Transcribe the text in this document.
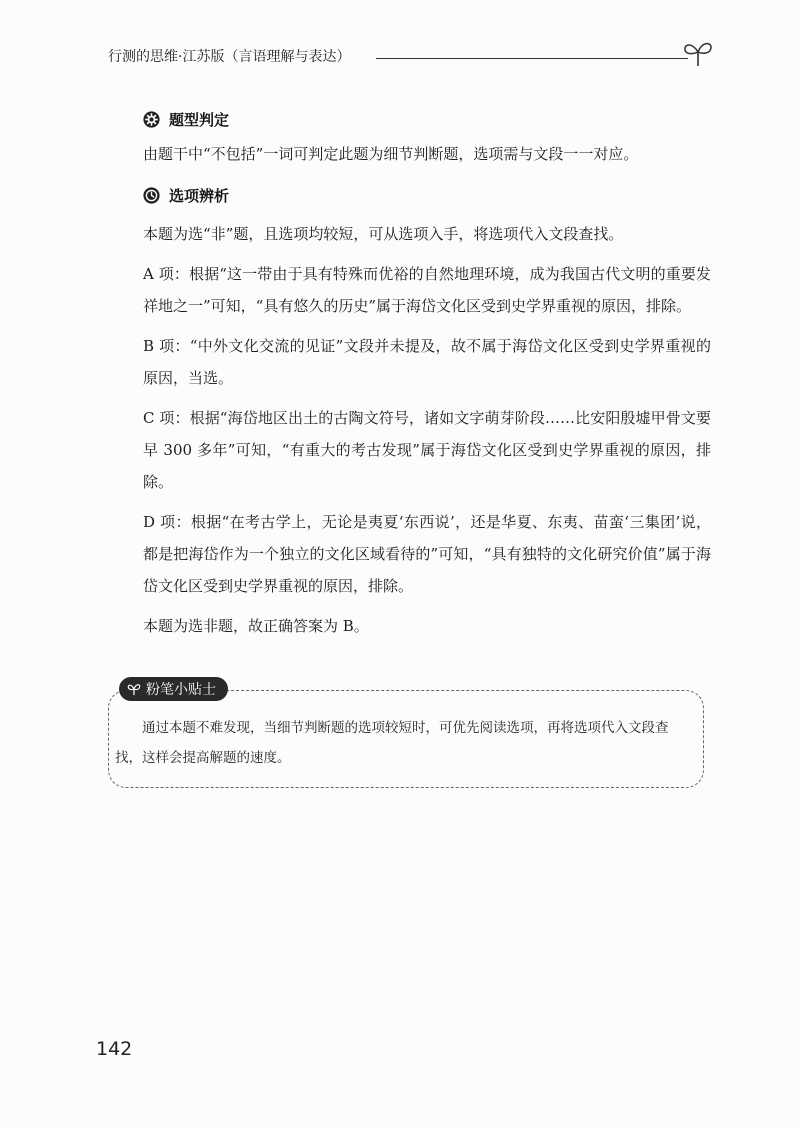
行测的思维·江苏版（言语理解与表达）
题型判定

由题干中“不包括”一词可判定此题为细节判断题，选项需与文段一一对应。

选项辨析

本题为选“非”题，且选项均较短，可从选项入手，将选项代入文段查找。

A 项：根据“这一带由于具有特殊而优裕的自然地理环境，成为我国古代文明的重要发祥地之一”可知，“具有悠久的历史”属于海岱文化区受到史学界重视的原因，排除。

B 项：“中外文化交流的见证”文段并未提及，故不属于海岱文化区受到史学界重视的原因，当选。

C 项：根据“海岱地区出土的古陶文符号，诸如文字萌芽阶段……比安阳殷墟甲骨文要早 300 多年”可知，“有重大的考古发现”属于海岱文化区受到史学界重视的原因，排除。

D 项：根据“在考古学上，无论是夷夏‘东西说’，还是华夏、东夷、苗蛮‘三集团’说，都是把海岱作为一个独立的文化区域看待的”可知，“具有独特的文化研究价值”属于海岱文化区受到史学界重视的原因，排除。

本题为选非题，故正确答案为 B。

粉笔小贴士
通过本题不难发现，当细节判断题的选项较短时，可优先阅读选项，再将选项代入文段查找，这样会提高解题的速度。
142
